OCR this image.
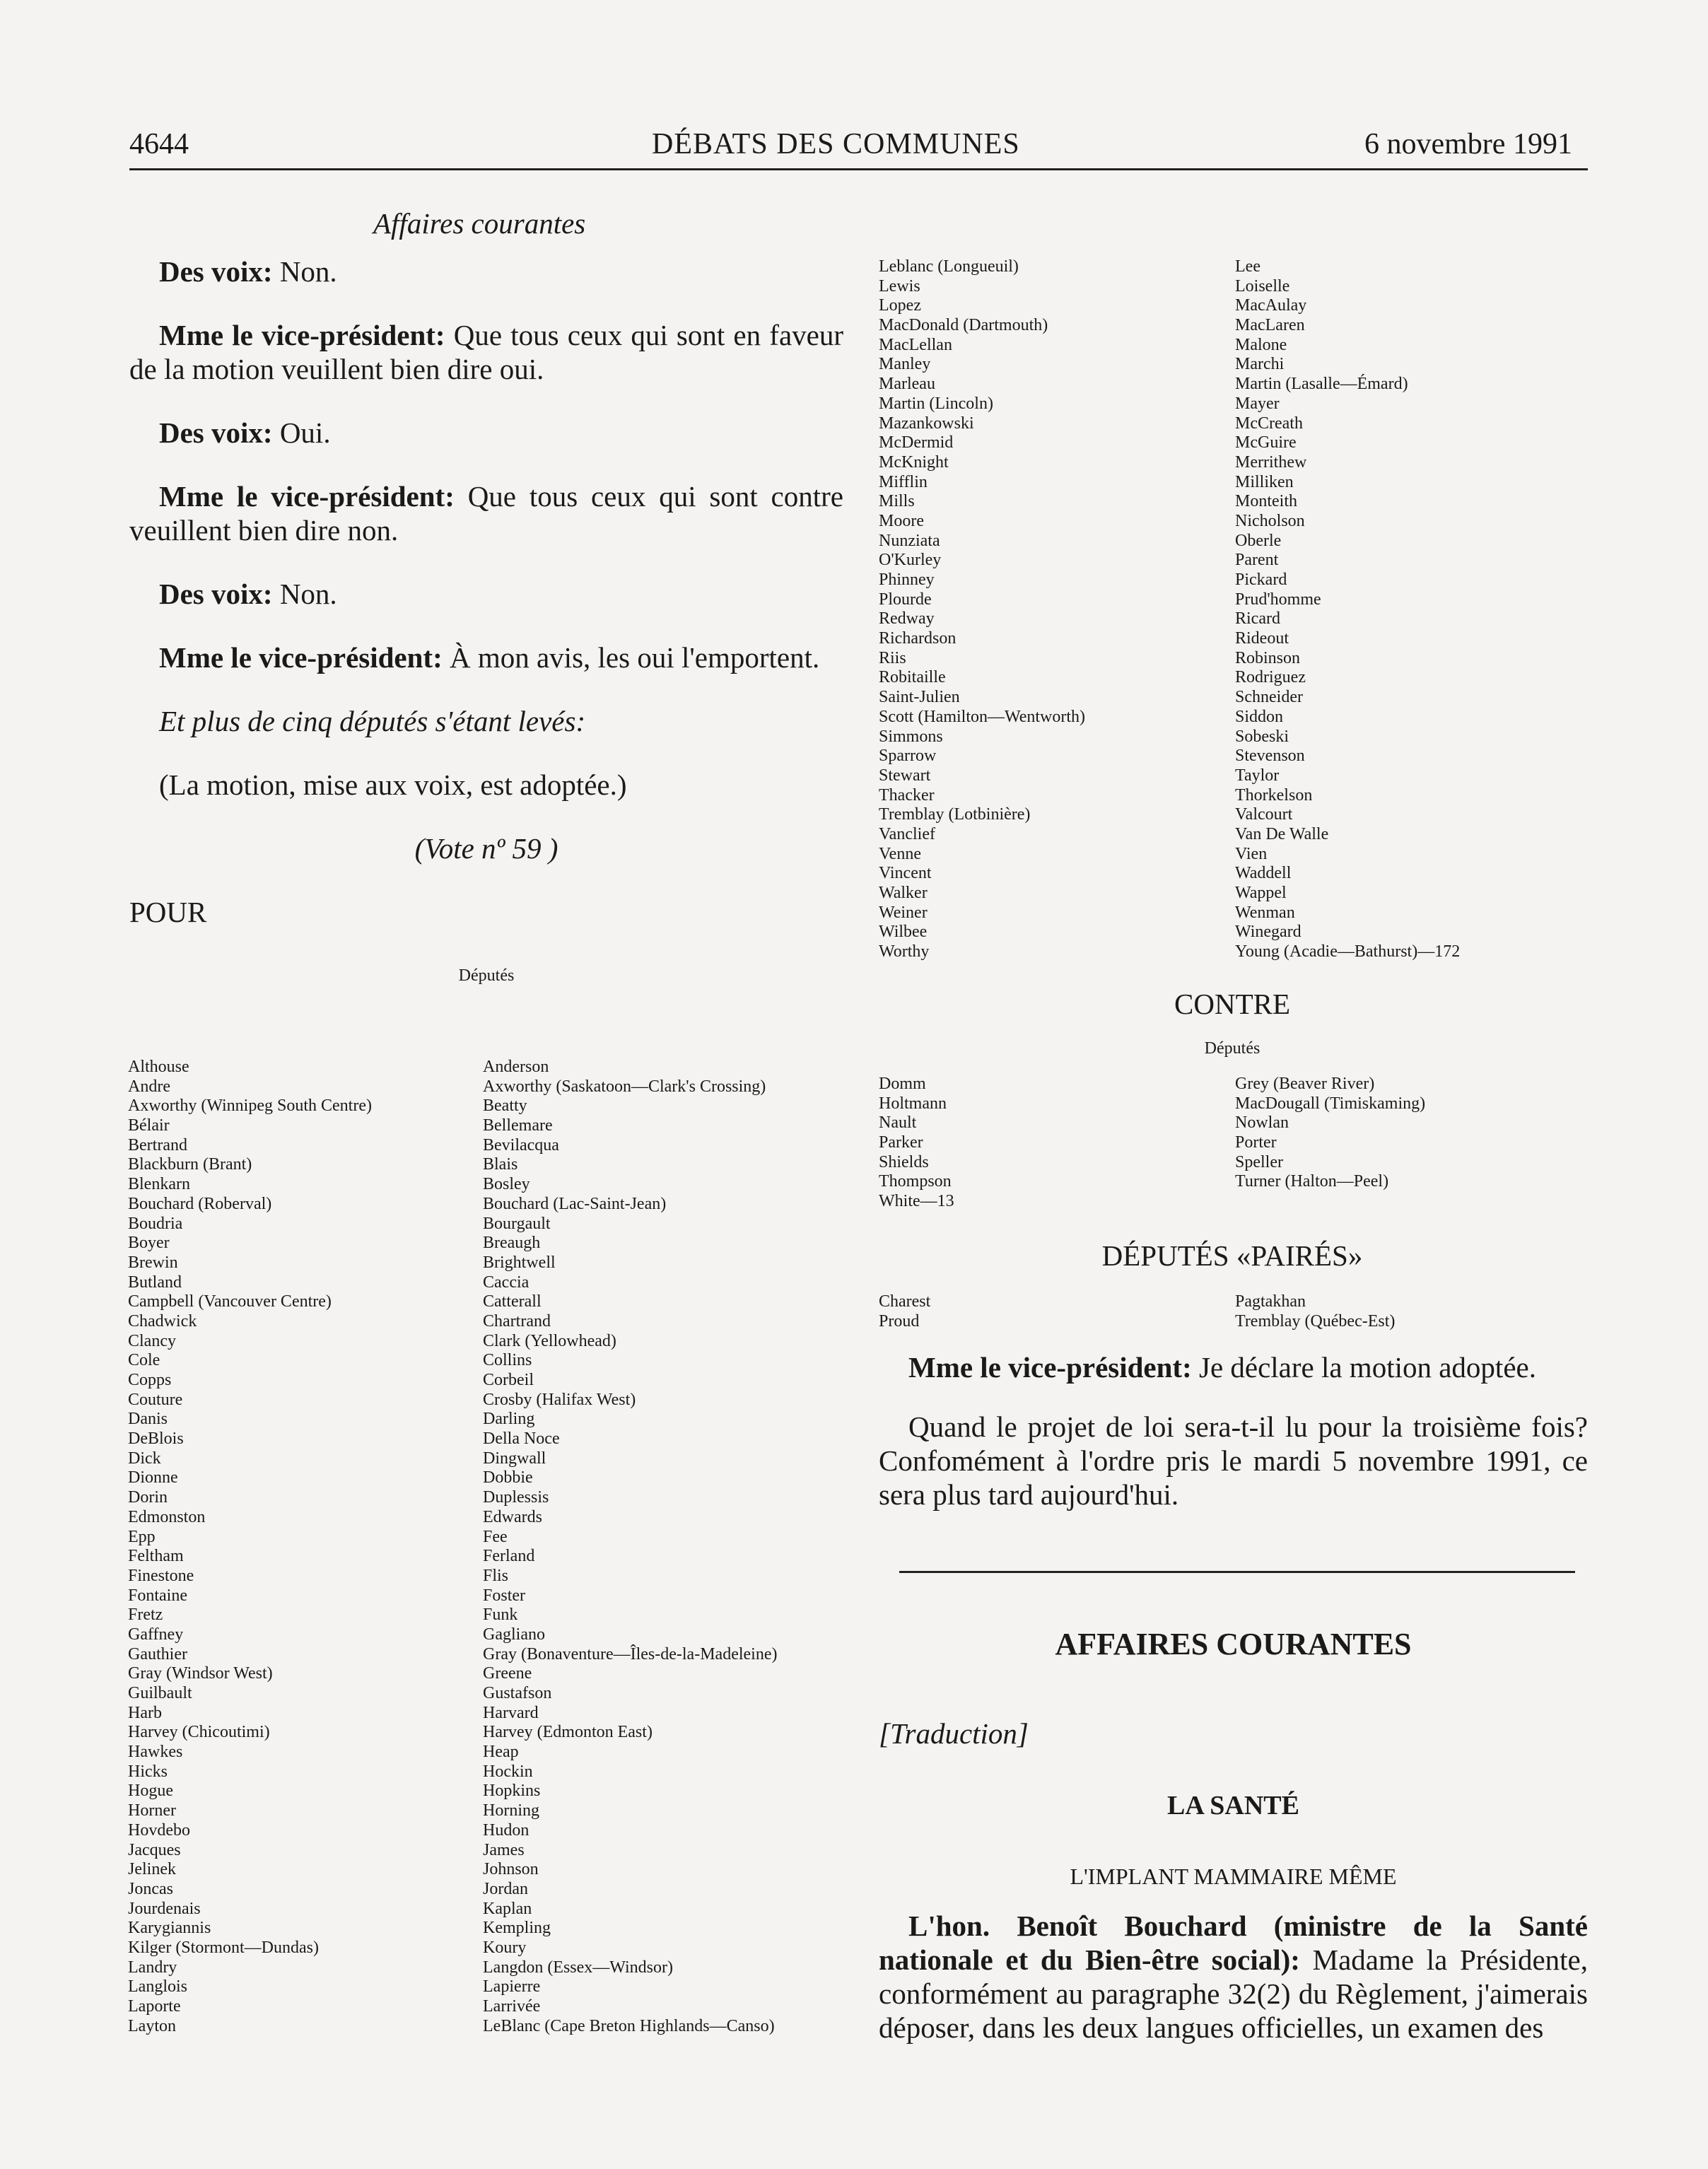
4644	DÉBATS DES COMMUNES	6 novembre 1991
Affaires courantes

Des voix: Non.

Mme le vice-président: Que tous ceux qui sont en faveur de la motion veuillent bien dire oui.

Des voix: Oui.

Mme le vice-président: Que tous ceux qui sont contre veuillent bien dire non.

Des voix: Non.

Mme le vice-président: À mon avis, les oui l'emportent.

Et plus de cinq députés s'étant levés:

(La motion, mise aux voix, est adoptée.)

(Vote nº 59 )

POUR

Députés
Althouse
Andre
Axworthy (Winnipeg South Centre)
Bélair
Bertrand
Blackburn (Brant)
Blenkarn
Bouchard (Roberval)
Boudria
Boyer
Brewin
Butland
Campbell (Vancouver Centre)
Chadwick
Clancy
Cole
Copps
Couture
Danis
DeBlois
Dick
Dionne
Dorin
Edmonston
Epp
Feltham
Finestone
Fontaine
Fretz
Gaffney
Gauthier
Gray (Windsor West)
Guilbault
Harb
Harvey (Chicoutimi)
Hawkes
Hicks
Hogue
Horner
Hovdebo
Jacques
Jelinek
Joncas
Jourdenais
Karygiannis
Kilger (Stormont—Dundas)
Landry
Langlois
Laporte
Layton
Anderson
Axworthy (Saskatoon—Clark's Crossing)
Beatty
Bellemare
Bevilacqua
Blais
Bosley
Bouchard (Lac-Saint-Jean)
Bourgault
Breaugh
Brightwell
Caccia
Catterall
Chartrand
Clark (Yellowhead)
Collins
Corbeil
Crosby (Halifax West)
Darling
Della Noce
Dingwall
Dobbie
Duplessis
Edwards
Fee
Ferland
Flis
Foster
Funk
Gagliano
Gray (Bonaventure—Îles-de-la-Madeleine)
Greene
Gustafson
Harvard
Harvey (Edmonton East)
Heap
Hockin
Hopkins
Horning
Hudon
James
Johnson
Jordan
Kaplan
Kempling
Koury
Langdon (Essex—Windsor)
Lapierre
Larrivée
LeBlanc (Cape Breton Highlands—Canso)
Leblanc (Longueuil)
Lewis
Lopez
MacDonald (Dartmouth)
MacLellan
Manley
Marleau
Martin (Lincoln)
Mazankowski
McDermid
McKnight
Mifflin
Mills
Moore
Nunziata
O'Kurley
Phinney
Plourde
Redway
Richardson
Riis
Robitaille
Saint-Julien
Scott (Hamilton—Wentworth)
Simmons
Sparrow
Stewart
Thacker
Tremblay (Lotbinière)
Vanclief
Venne
Vincent
Walker
Weiner
Wilbee
Worthy
Lee
Loiselle
MacAulay
MacLaren
Malone
Marchi
Martin (Lasalle—Émard)
Mayer
McCreath
McGuire
Merrithew
Milliken
Monteith
Nicholson
Oberle
Parent
Pickard
Prud'homme
Ricard
Rideout
Robinson
Rodriguez
Schneider
Siddon
Sobeski
Stevenson
Taylor
Thorkelson
Valcourt
Van De Walle
Vien
Waddell
Wappel
Wenman
Winegard
Young (Acadie—Bathurst)—172
CONTRE
Députés
Domm
Holtmann
Nault
Parker
Shields
Thompson
White—13
Grey (Beaver River)
MacDougall (Timiskaming)
Nowlan
Porter
Speller
Turner (Halton—Peel)
DÉPUTÉS «PAIRÉS»
Charest
Proud
Pagtakhan
Tremblay (Québec-Est)

Mme le vice-président: Je déclare la motion adoptée.

Quand le projet de loi sera-t-il lu pour la troisième fois? Confomément à l'ordre pris le mardi 5 novembre 1991, ce sera plus tard aujourd'hui.

AFFAIRES COURANTES
[Traduction]
LA SANTÉ
L'IMPLANT MAMMAIRE MÊME
L'hon. Benoît Bouchard (ministre de la Santé nationale et du Bien-être social): Madame la Présidente, conformément au paragraphe 32(2) du Règlement, j'aimerais déposer, dans les deux langues officielles, un examen des
